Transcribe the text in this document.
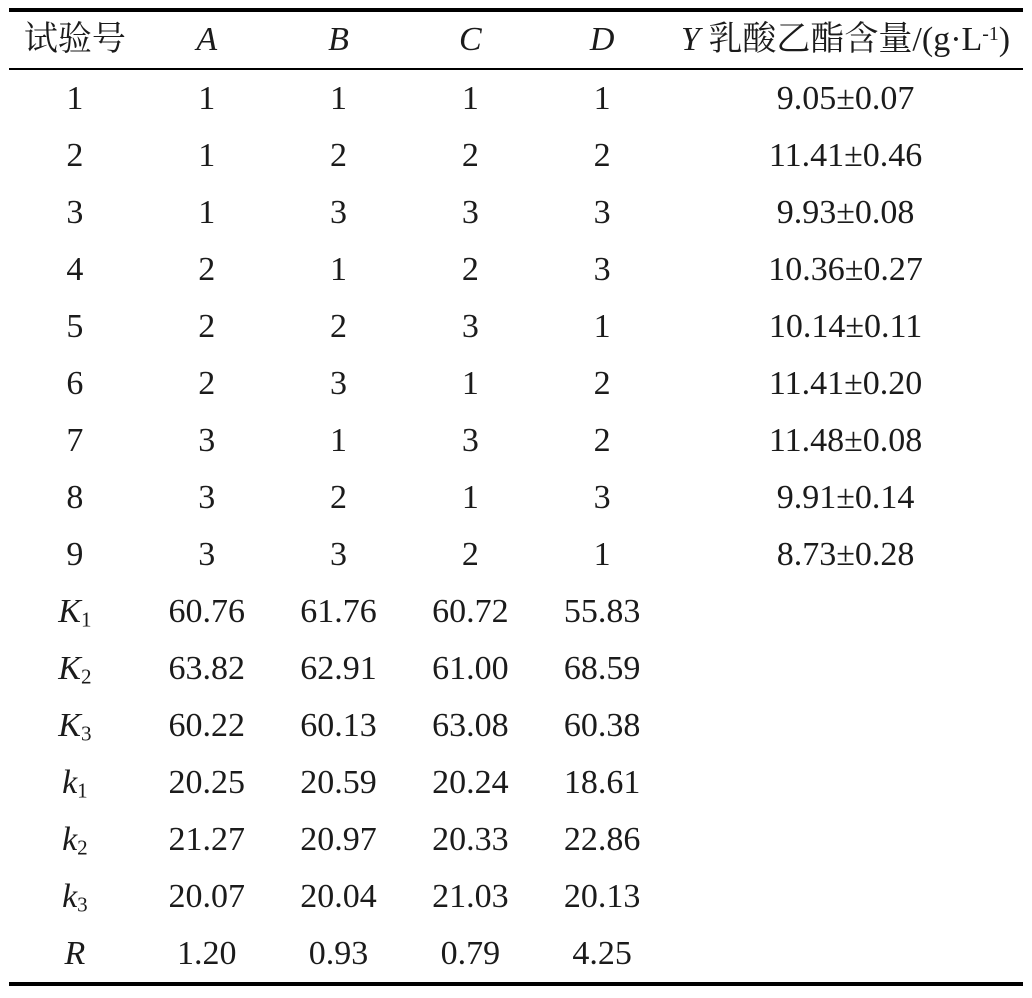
试验号	A	B	C	D	Y 乳酸乙酯含量$/(g\cdot L^{-1})$
1	1	1	1	1	9.05±0.07
2	1	2	2	2	11.41±0.46
3	1	3	3	3	9.93±0.08
4	2	1	2	3	10.36±0.27
5	2	2	3	1	10.14±0.11
6	2	3	1	2	11.41±0.20
7	3	1	3	2	11.48±0.08
8	3	2	1	3	9.91±0.14
9	3	3	2	1	8.73±0.28
$K_1$	60.76	61.76	60.72	55.83	
$K_2$	63.82	62.91	61.00	68.59	
$K_3$	60.22	60.13	63.08	60.38	
$k_1$	20.25	20.59	20.24	18.61	
$k_2$	21.27	20.97	20.33	22.86	
$k_3$	20.07	20.04	21.03	20.13	
R	1.20	0.93	0.79	4.25	
